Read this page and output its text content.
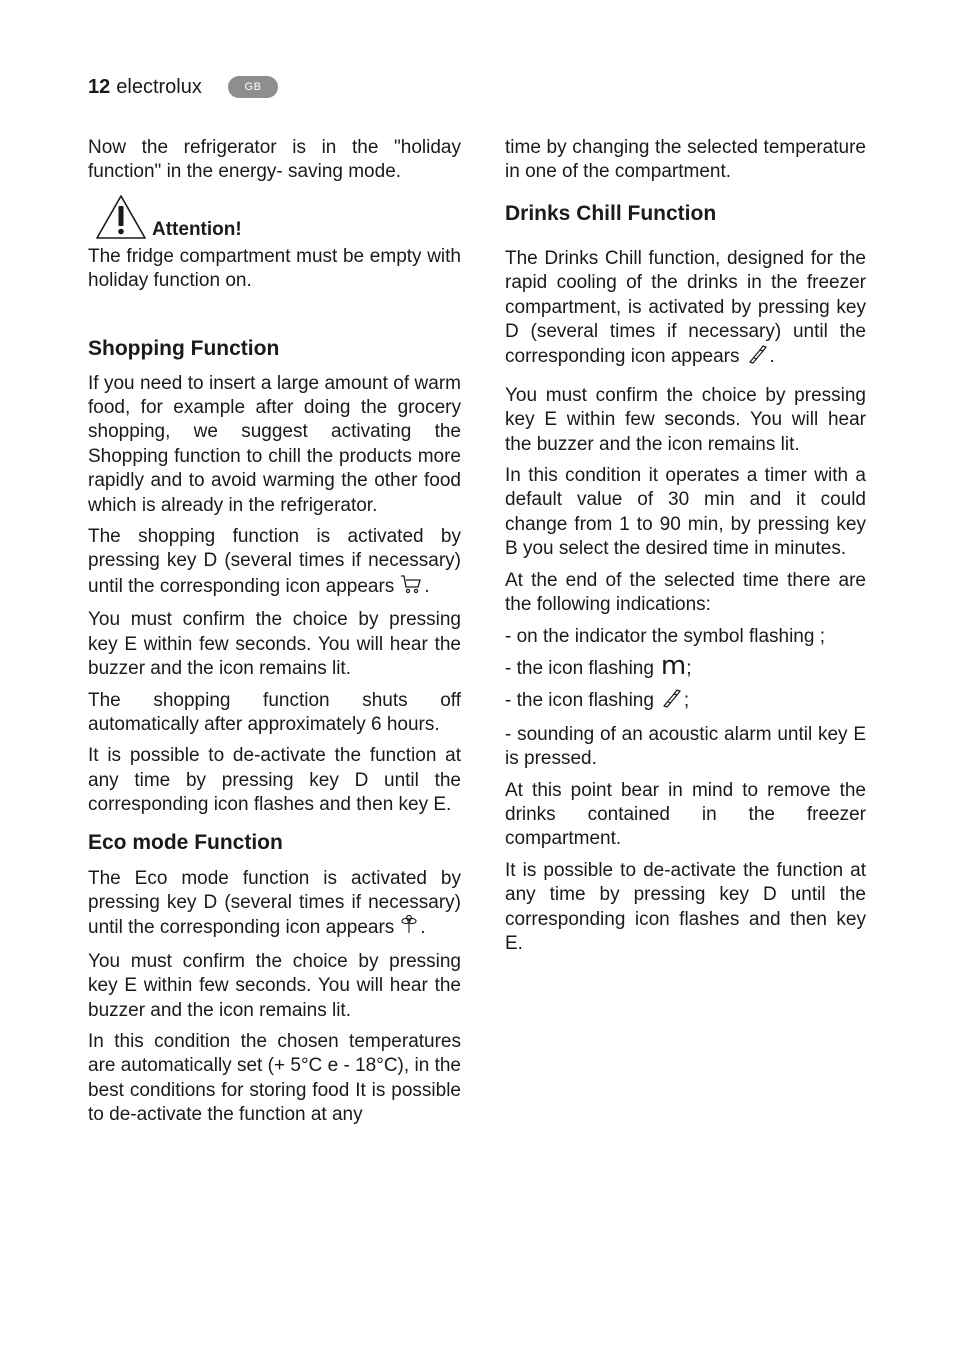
12 electrolux	GB

Now the refrigerator is in the "holiday function" in the energy- saving mode.

Attention!

The fridge compartment must be empty with holiday function on.

Shopping Function

If you need to insert a large amount of warm food, for example after doing the grocery shopping, we suggest activating the Shopping function to chill the products more rapidly and to avoid warming the other food which is already in the refrigerator.

The shopping function is activated by pressing key D (several times if necessary) until the corresponding icon appears .

You must confirm the choice by pressing key E within few seconds. You will hear the buzzer and the icon remains lit.

The shopping function shuts off automatically after approximately 6 hours.

It is possible to de-activate the function at any time by pressing key D until the corresponding icon flashes and then key E.

Eco mode Function

The Eco mode function is activated by pressing key D (several times if necessary) until the corresponding icon appears .

You must confirm the choice by pressing key E within few seconds. You will hear the buzzer and the icon remains lit.

In this condition the chosen temperatures are automatically set (+ 5°C e - 18°C), in the best conditions for storing food It is possible to de-activate the function at any

time by changing the selected temperature in one of the compartment.

Drinks Chill Function

The Drinks Chill function, designed for the rapid cooling of the drinks in the freezer compartment, is activated by pressing key D (several times if necessary) until the corresponding icon appears .

You must confirm the choice by pressing key E within few seconds. You will hear the buzzer and the icon remains lit.

In this condition it operates a timer with a default value of 30 min and it could change from 1 to 90 min, by pressing key B you select the desired time in minutes.

At the end of the selected time there are the following indications:

- on the indicator the symbol flashing ;

- the icon flashing m;

- the icon flashing ;

- sounding of an acoustic alarm until key E is pressed.

At this point bear in mind to remove the drinks contained in the freezer compartment.

It is possible to de-activate the function at any time by pressing key D until the corresponding icon flashes and then key E.
